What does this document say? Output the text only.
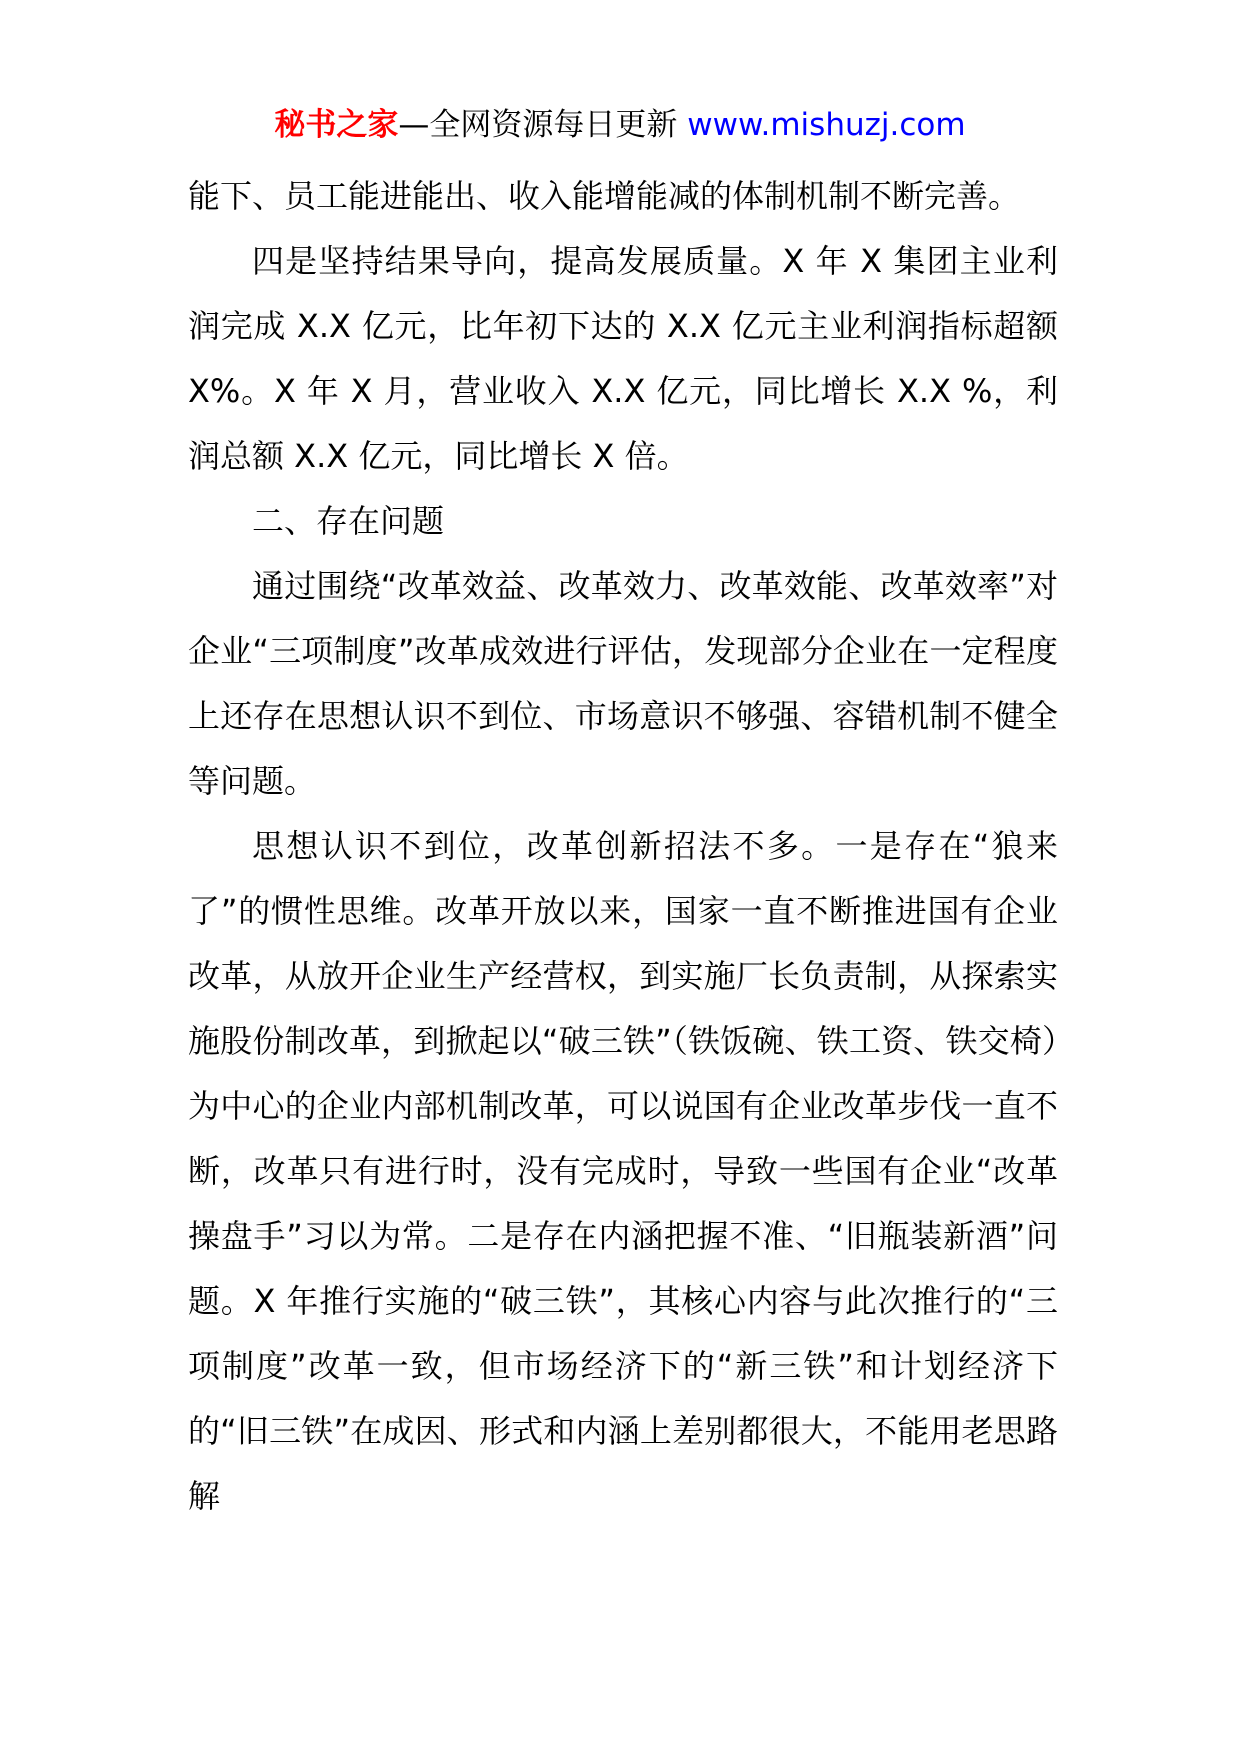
秘书之家—全网资源每日更新 www.mishuzj.com

能下、员工能进能出、收入能增能减的体制机制不断完善。

四是坚持结果导向，提高发展质量。X 年 X 集团主业利润完成 X.X 亿元，比年初下达的 X.X 亿元主业利润指标超额 X%。X 年 X 月，营业收入 X.X 亿元，同比增长 X.X %，利润总额 X.X 亿元，同比增长 X 倍。

二、存在问题

通过围绕“改革效益、改革效力、改革效能、改革效率”对企业“三项制度”改革成效进行评估，发现部分企业在一定程度上还存在思想认识不到位、市场意识不够强、容错机制不健全等问题。

思想认识不到位，改革创新招法不多。一是存在“狼来了”的惯性思维。改革开放以来，国家一直不断推进国有企业改革，从放开企业生产经营权，到实施厂长负责制，从探索实施股份制改革，到掀起以“破三铁”（铁饭碗、铁工资、铁交椅）为中心的企业内部机制改革，可以说国有企业改革步伐一直不断，改革只有进行时，没有完成时，导致一些国有企业“改革操盘手”习以为常。二是存在内涵把握不准、“旧瓶装新酒”问题。X 年推行实施的“破三铁”，其核心内容与此次推行的“三项制度”改革一致，但市场经济下的“新三铁”和计划经济下的“旧三铁”在成因、形式和内涵上差别都很大，不能用老思路解
